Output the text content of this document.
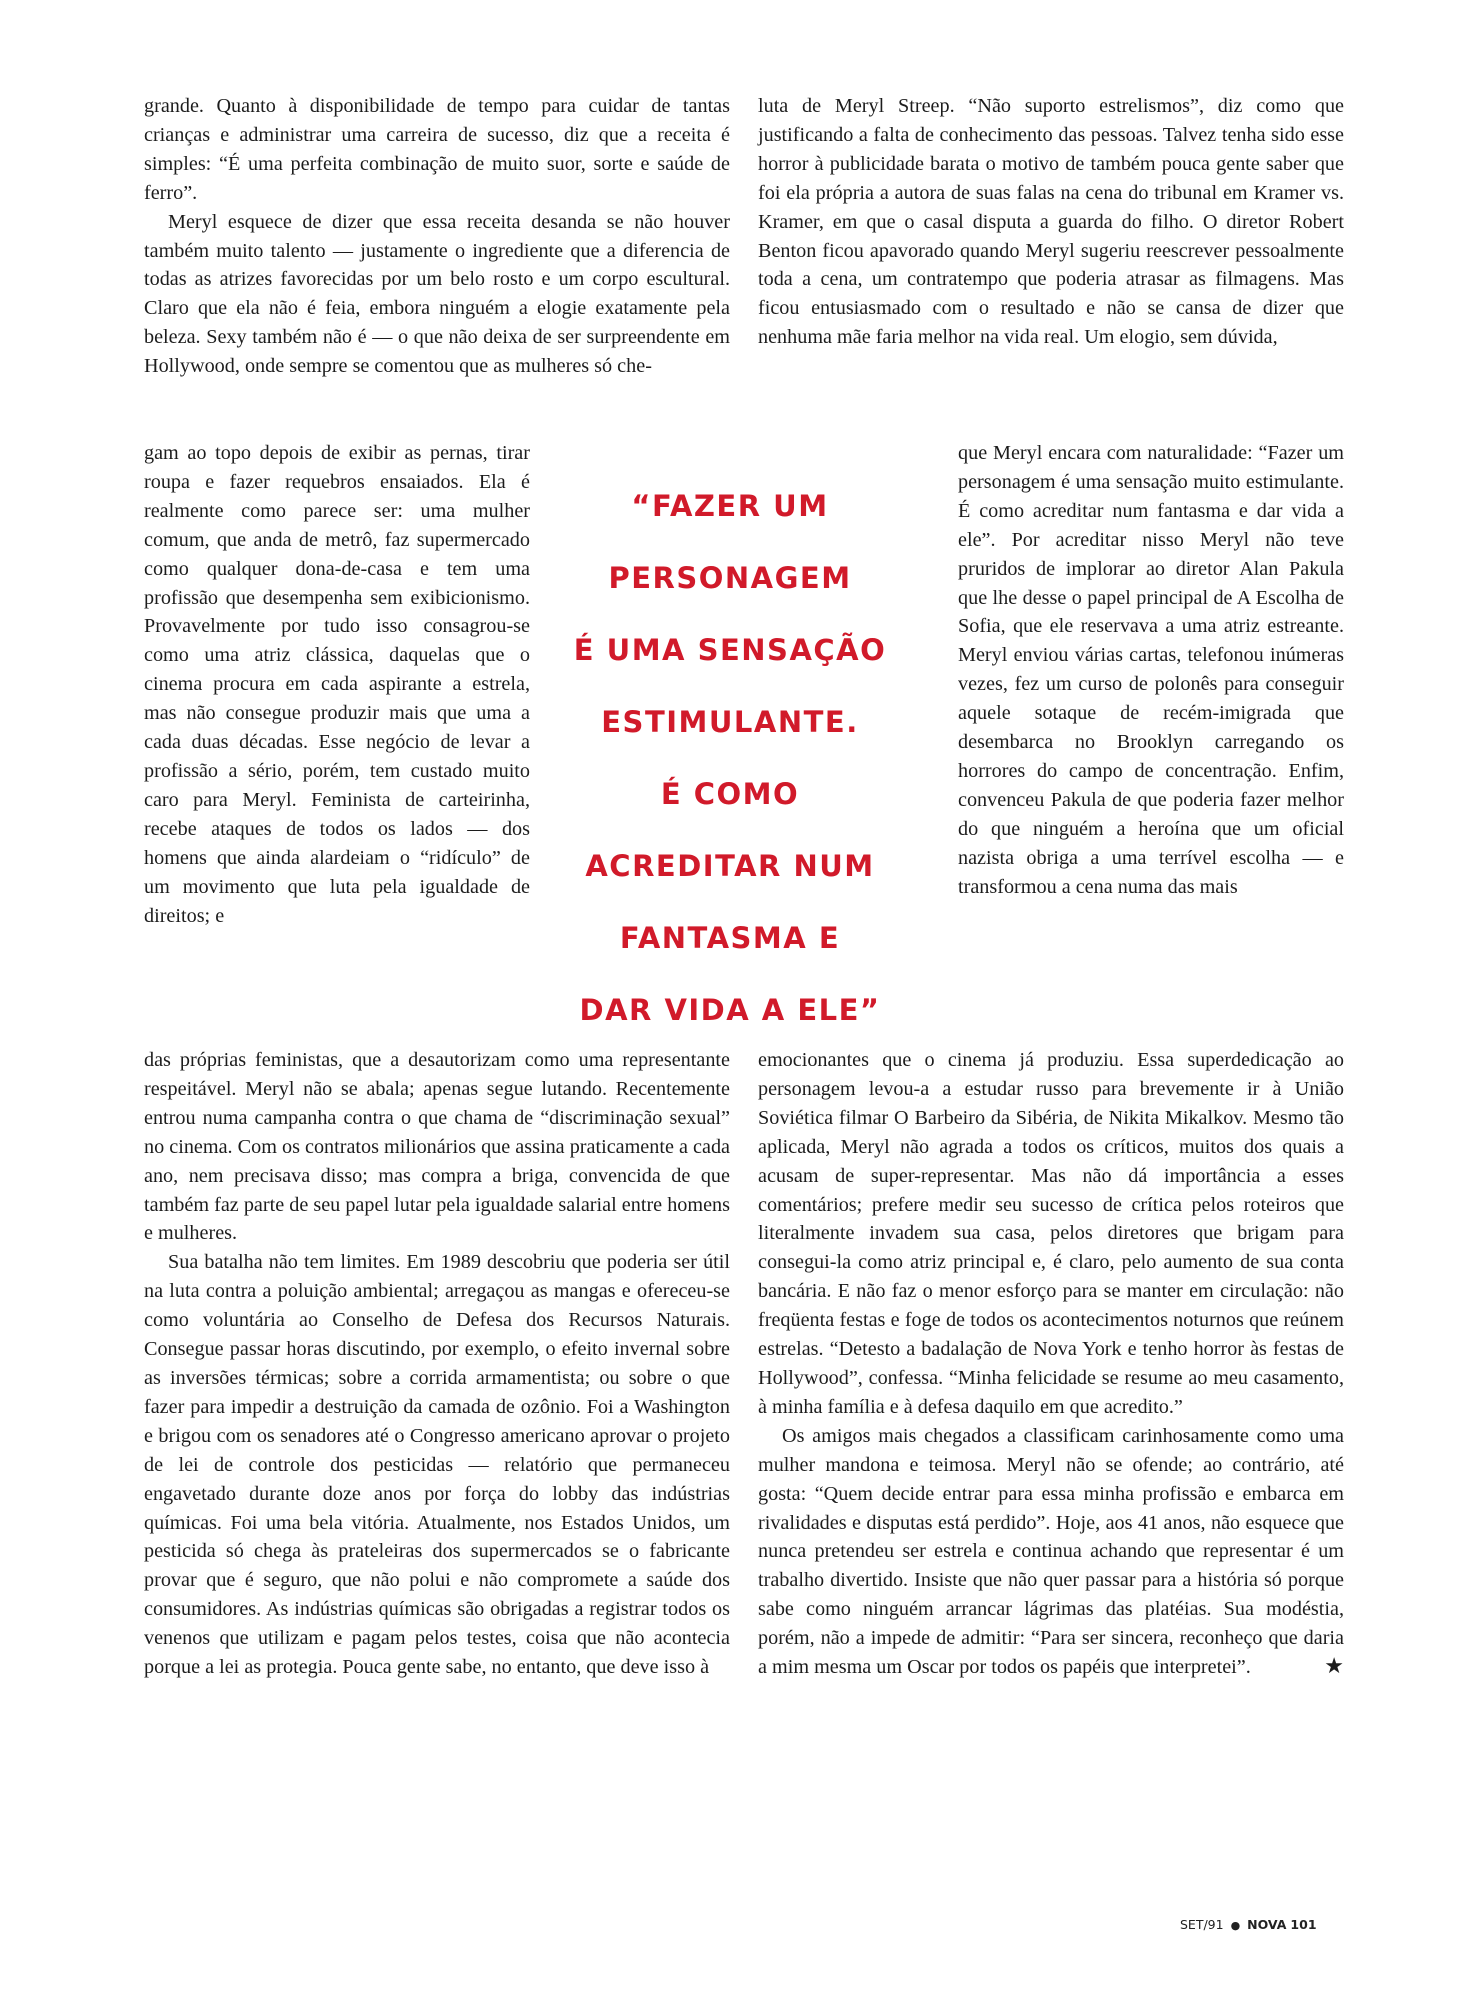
grande. Quanto à disponibilidade de tempo para cuidar de tantas crianças e administrar uma carreira de sucesso, diz que a receita é simples: “É uma perfeita combinação de muito suor, sorte e saúde de ferro”.

Meryl esquece de dizer que essa receita desanda se não houver também muito talento — justamente o ingrediente que a diferencia de todas as atrizes favorecidas por um belo rosto e um corpo escultural. Claro que ela não é feia, embora ninguém a elogie exatamente pela beleza. Sexy também não é — o que não deixa de ser surpreendente em Hollywood, onde sempre se comentou que as mulheres só che-

gam ao topo depois de exibir as pernas, tirar roupa e fazer requebros ensaiados. Ela é realmente como parece ser: uma mulher comum, que anda de metrô, faz supermercado como qualquer dona-de-casa e tem uma profissão que desempenha sem exibicionismo. Provavelmente por tudo isso consagrou-se como uma atriz clássica, daquelas que o cinema procura em cada aspirante a estrela, mas não consegue produzir mais que uma a cada duas décadas. Esse negócio de levar a profissão a sério, porém, tem custado muito caro para Meryl. Feminista de carteirinha, recebe ataques de todos os lados — dos homens que ainda alardeiam o “ridículo” de um movimento que luta pela igualdade de direitos; e

das próprias feministas, que a desautorizam como uma representante respeitável. Meryl não se abala; apenas segue lutando. Recentemente entrou numa campanha contra o que chama de “discriminação sexual” no cinema. Com os contratos milionários que assina praticamente a cada ano, nem precisava disso; mas compra a briga, convencida de que também faz parte de seu papel lutar pela igualdade salarial entre homens e mulheres.

Sua batalha não tem limites. Em 1989 descobriu que poderia ser útil na luta contra a poluição ambiental; arregaçou as mangas e ofereceu-se como voluntária ao Conselho de Defesa dos Recursos Naturais. Consegue passar horas discutindo, por exemplo, o efeito invernal sobre as inversões térmicas; sobre a corrida armamentista; ou sobre o que fazer para impedir a destruição da camada de ozônio. Foi a Washington e brigou com os senadores até o Congresso americano aprovar o projeto de lei de controle dos pesticidas — relatório que permaneceu engavetado durante doze anos por força do lobby das indústrias químicas. Foi uma bela vitória. Atualmente, nos Estados Unidos, um pesticida só chega às prateleiras dos supermercados se o fabricante provar que é seguro, que não polui e não compromete a saúde dos consumidores. As indústrias químicas são obrigadas a registrar todos os venenos que utilizam e pagam pelos testes, coisa que não acontecia porque a lei as protegia. Pouca gente sabe, no entanto, que deve isso à

“FAZER UM
PERSONAGEM
É UMA SENSAÇÃO
ESTIMULANTE.
É COMO
ACREDITAR NUM
FANTASMA E
DAR VIDA A ELE”

luta de Meryl Streep. “Não suporto estrelismos”, diz como que justificando a falta de conhecimento das pessoas. Talvez tenha sido esse horror à publicidade barata o motivo de também pouca gente saber que foi ela própria a autora de suas falas na cena do tribunal em Kramer vs. Kramer, em que o casal disputa a guarda do filho. O diretor Robert Benton ficou apavorado quando Meryl sugeriu reescrever pessoalmente toda a cena, um contratempo que poderia atrasar as filmagens. Mas ficou entusiasmado com o resultado e não se cansa de dizer que nenhuma mãe faria melhor na vida real. Um elogio, sem dúvida,

que Meryl encara com naturalidade: “Fazer um personagem é uma sensação muito estimulante. É como acreditar num fantasma e dar vida a ele”. Por acreditar nisso Meryl não teve pruridos de implorar ao diretor Alan Pakula que lhe desse o papel principal de A Escolha de Sofia, que ele reservava a uma atriz estreante. Meryl enviou várias cartas, telefonou inúmeras vezes, fez um curso de polonês para conseguir aquele sotaque de recém-imigrada que desembarca no Brooklyn carregando os horrores do campo de concentração. Enfim, convenceu Pakula de que poderia fazer melhor do que ninguém a heroína que um oficial nazista obriga a uma terrível escolha — e transformou a cena numa das mais

emocionantes que o cinema já produziu. Essa superdedicação ao personagem levou-a a estudar russo para brevemente ir à União Soviética filmar O Barbeiro da Sibéria, de Nikita Mikalkov. Mesmo tão aplicada, Meryl não agrada a todos os críticos, muitos dos quais a acusam de super-representar. Mas não dá importância a esses comentários; prefere medir seu sucesso de crítica pelos roteiros que literalmente invadem sua casa, pelos diretores que brigam para consegui-la como atriz principal e, é claro, pelo aumento de sua conta bancária. E não faz o menor esforço para se manter em circulação: não freqüenta festas e foge de todos os acontecimentos noturnos que reúnem estrelas. “Detesto a badalação de Nova York e tenho horror às festas de Hollywood”, confessa. “Minha felicidade se resume ao meu casamento, à minha família e à defesa daquilo em que acredito.”

Os amigos mais chegados a classificam carinhosamente como uma mulher mandona e teimosa. Meryl não se ofende; ao contrário, até gosta: “Quem decide entrar para essa minha profissão e embarca em rivalidades e disputas está perdido”. Hoje, aos 41 anos, não esquece que nunca pretendeu ser estrela e continua achando que representar é um trabalho divertido. Insiste que não quer passar para a história só porque sabe como ninguém arrancar lágrimas das platéias. Sua modéstia, porém, não a impede de admitir: “Para ser sincera, reconheço que daria a mim mesma um Oscar por todos os papéis que interpretei”.	★

SET/91 ● NOVA 101
